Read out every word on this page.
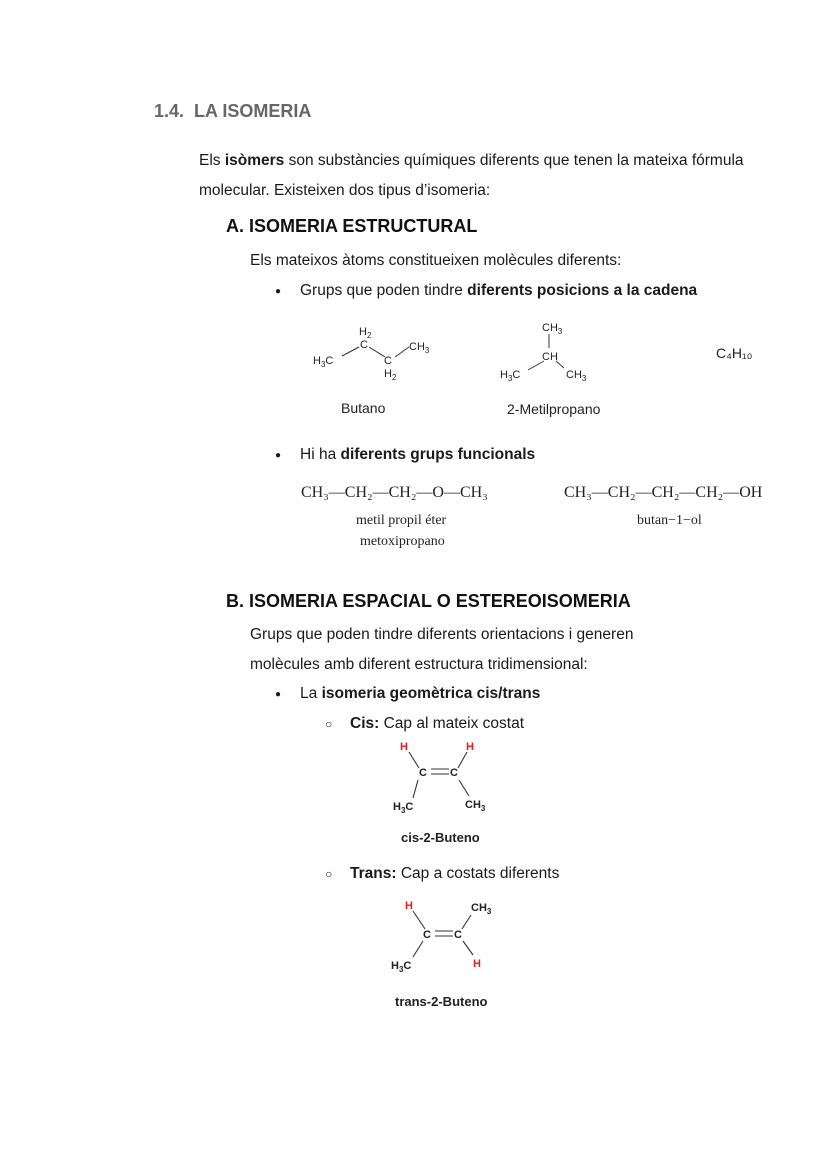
1.4. LA ISOMERIA
Els isòmers son substàncies químiques diferents que tenen la mateixa fórmula molecular. Existeixen dos tipus d’isomeria:
A. ISOMERIA ESTRUCTURAL
Els mateixos àtoms constitueixen molècules diferents:
● Grups que poden tindre diferents posicions a la cadena
$H_3C$
$H_2$
C
C
$H_2$
$CH_3$
Butano
$CH_3$
CH
$H_3C$	$CH_3$
2-Metilpropano
C₄H₁₀
● Hi ha diferents grups funcionals
CH₃—CH₂—CH₂—O—CH₃
metil propil éter
metoxipropano
CH₃—CH₂—CH₂—CH₂—OH
butan−1−ol
B. ISOMERIA ESPACIAL O ESTEREOISOMERIA
Grups que poden tindre diferents orientacions i generen molècules amb diferent estructura tridimensional:
● La isomeria geomètrica cis/trans
○ Cis: Cap al mateix costat
H	H
C C
$H_3C$	$CH_3$
cis-2-Buteno
○ Trans: Cap a costats diferents
H	$CH_3$
C C
$H_3C$	H
trans-2-Buteno
